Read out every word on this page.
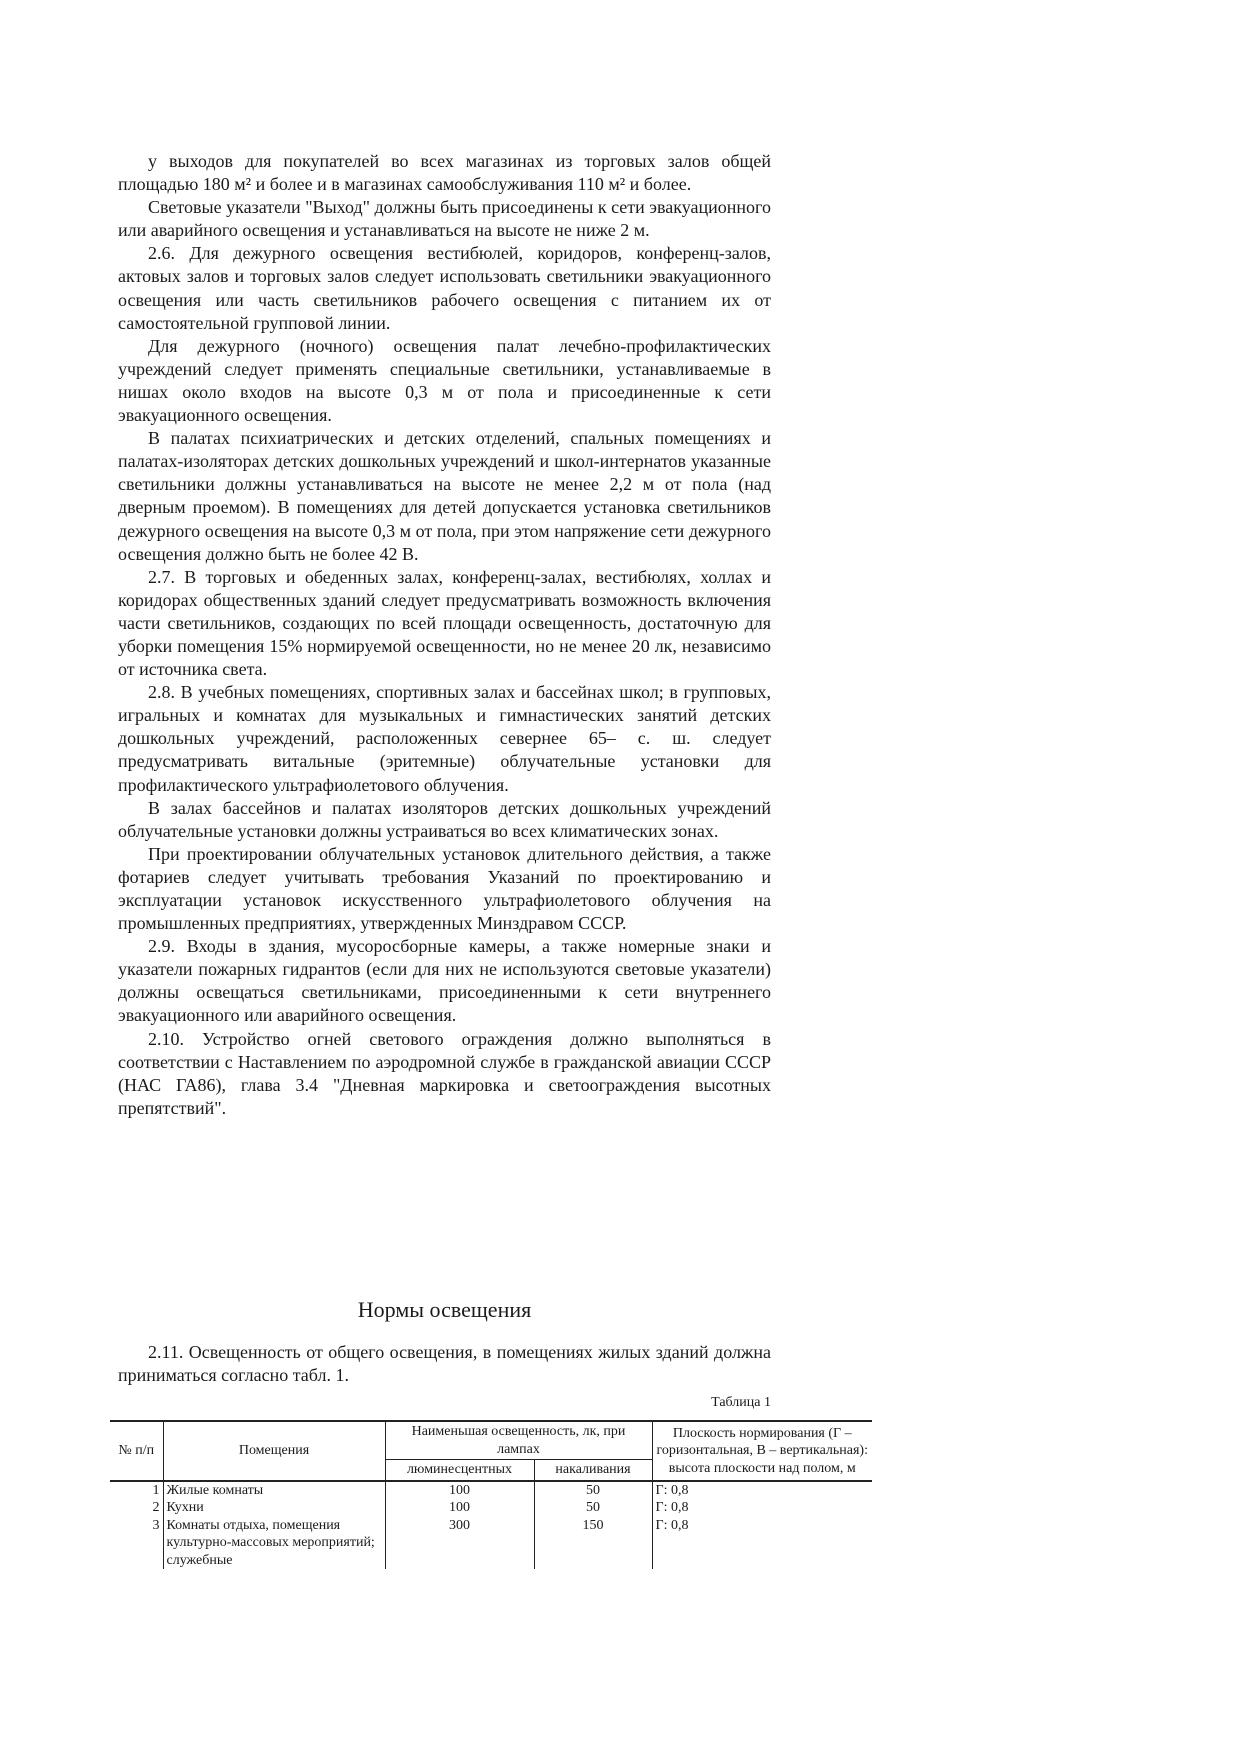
у выходов для покупателей во всех магазинах из торговых залов общей площадью 180 м² и более и в магазинах самообслуживания 110 м² и более.

Световые указатели "Выход" должны быть присоединены к сети эвакуационного или аварийного освещения и устанавливаться на высоте не ниже 2 м.

2.6. Для дежурного освещения вестибюлей, коридоров, конференц-залов, актовых залов и торговых залов следует использовать светильники эвакуационного освещения или часть светильников рабочего освещения с питанием их от самостоятельной групповой линии.

Для дежурного (ночного) освещения палат лечебно-профилактических учреждений следует применять специальные светильники, устанавливаемые в нишах около входов на высоте 0,3 м от пола и присоединенные к сети эвакуационного освещения.

В палатах психиатрических и детских отделений, спальных помещениях и палатах-изоляторах детских дошкольных учреждений и школ-интернатов указанные светильники должны устанавливаться на высоте не менее 2,2 м от пола (над дверным проемом). В помещениях для детей допускается установка светильников дежурного освещения на высоте 0,3 м от пола, при этом напряжение сети дежурного освещения должно быть не более 42 В.

2.7. В торговых и обеденных залах, конференц-залах, вестибюлях, холлах и коридорах общественных зданий следует предусматривать возможность включения части светильников, создающих по всей площади освещенность, достаточную для уборки помещения 15% нормируемой освещенности, но не менее 20 лк, независимо от источника света.

2.8. В учебных помещениях, спортивных залах и бассейнах школ; в групповых, игральных и комнатах для музыкальных и гимнастических занятий детских дошкольных учреждений, расположенных севернее 65– с. ш. следует предусматривать витальные (эритемные) облучательные установки для профилактического ультрафиолетового облучения.

В залах бассейнов и палатах изоляторов детских дошкольных учреждений облучательные установки должны устраиваться во всех климатических зонах.

При проектировании облучательных установок длительного действия, а также фотариев следует учитывать требования Указаний по проектированию и эксплуатации установок искусственного ультрафиолетового облучения на промышленных предприятиях, утвержденных Минздравом СССР.

2.9. Входы в здания, мусоросборные камеры, а также номерные знаки и указатели пожарных гидрантов (если для них не используются световые указатели) должны освещаться светильниками, присоединенными к сети внутреннего эвакуационного или аварийного освещения.

2.10. Устройство огней светового ограждения должно выполняться в соответствии с Наставлением по аэродромной службе в гражданской авиации СССР (НАС ГА86), глава 3.4 "Дневная маркировка и светоограждения высотных препятствий".

Нормы освещения

2.11. Освещенность от общего освещения, в помещениях жилых зданий должна приниматься согласно табл. 1.

Таблица 1
№ п/п	Помещения	Наименьшая освещенность, лк, при лампах		Плоскость нормирования (Г – горизонтальная, В – вертикальная): высота плоскости над полом, м
		люминесцентных	накаливания	
1	Жилые комнаты	100	50	Г: 0,8
2	Кухни	100	50	Г: 0,8
3	Комнаты отдыха, помещения культурно-массовых мероприятий; служебные	300	150	Г: 0,8
